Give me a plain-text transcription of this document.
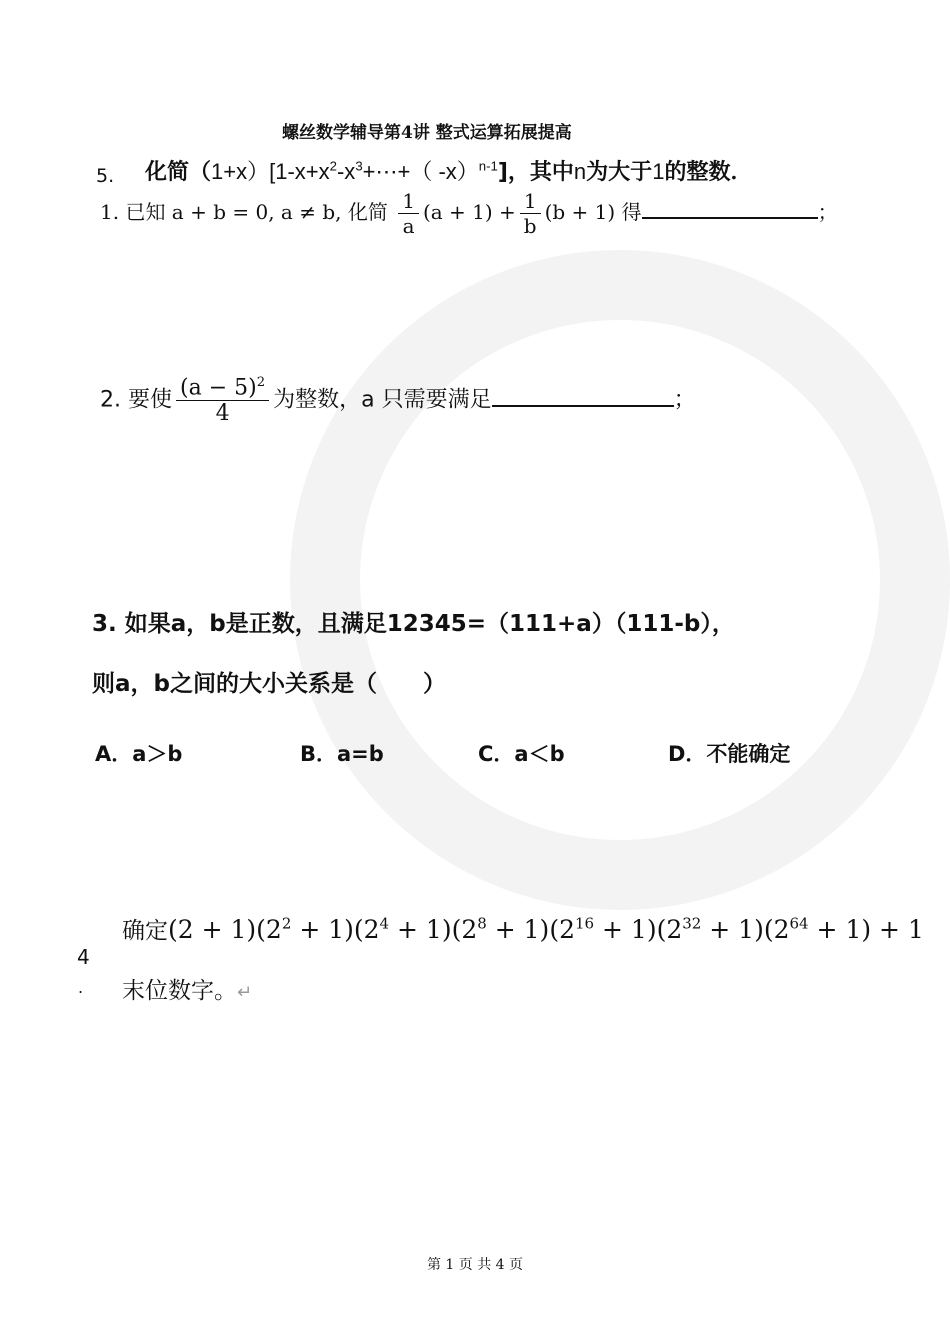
螺丝数学辅导第4讲 整式运算拓展提高
5. 化简$(1+x)[1-x+x^2-x^3+\cdots+$（ -x）$^{n-1}$]，其中n为大于1的整数．
1. 已知 a + b = 0, a ≠ b, 化简 $\frac{1}{a} (a + 1) + \frac{1}{b} (b + 1)$ 得	；
2. 要使 $\frac{(a - 5)^2}{4}$ 为整数，a 只需要满足	；
3. 如果a，b是正数，且满足12345=（111+a）（111-b），
则a，b之间的大小关系是（　　）
A．a＞b	B．a=b	C．a＜b	D．不能确定
4
.
确定$(2 + 1)(2^2 + 1)(2^4 + 1)(2^8 + 1)(2^{16} + 1)(2^{32} + 1)(2^{64} + 1) + 1$
末位数字。↵
第 1 页 共 4 页
